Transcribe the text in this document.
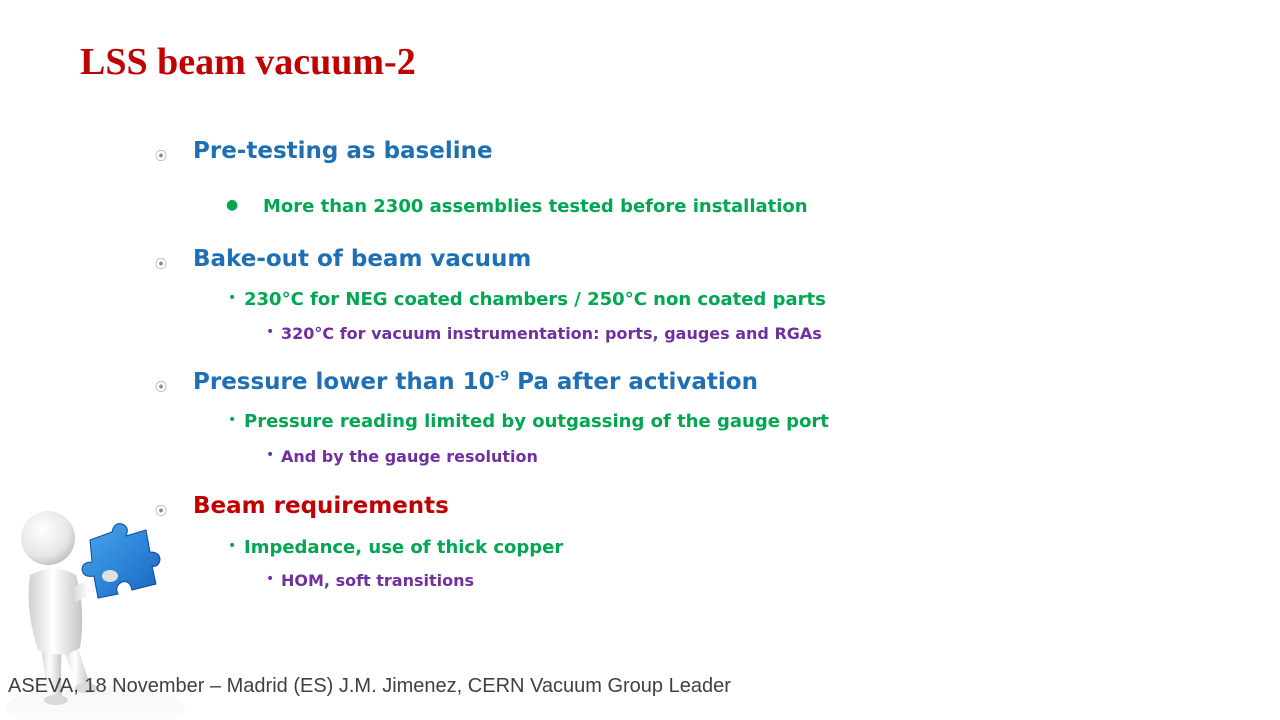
LSS beam vacuum-2
⦿ Pre-testing as baseline
● More than 2300 assemblies tested before installation
⦿ Bake-out of beam vacuum
• 230°C for NEG coated chambers / 250°C non coated parts
• 320°C for vacuum instrumentation: ports, gauges and RGAs
⦿ Pressure lower than $10^{-9}$ Pa after activation
• Pressure reading limited by outgassing of the gauge port
• And by the gauge resolution
⦿ Beam requirements
• Impedance, use of thick copper
• HOM, soft transitions
ASEVA, 18 November – Madrid (ES) J.M. Jimenez, CERN Vacuum Group Leader
